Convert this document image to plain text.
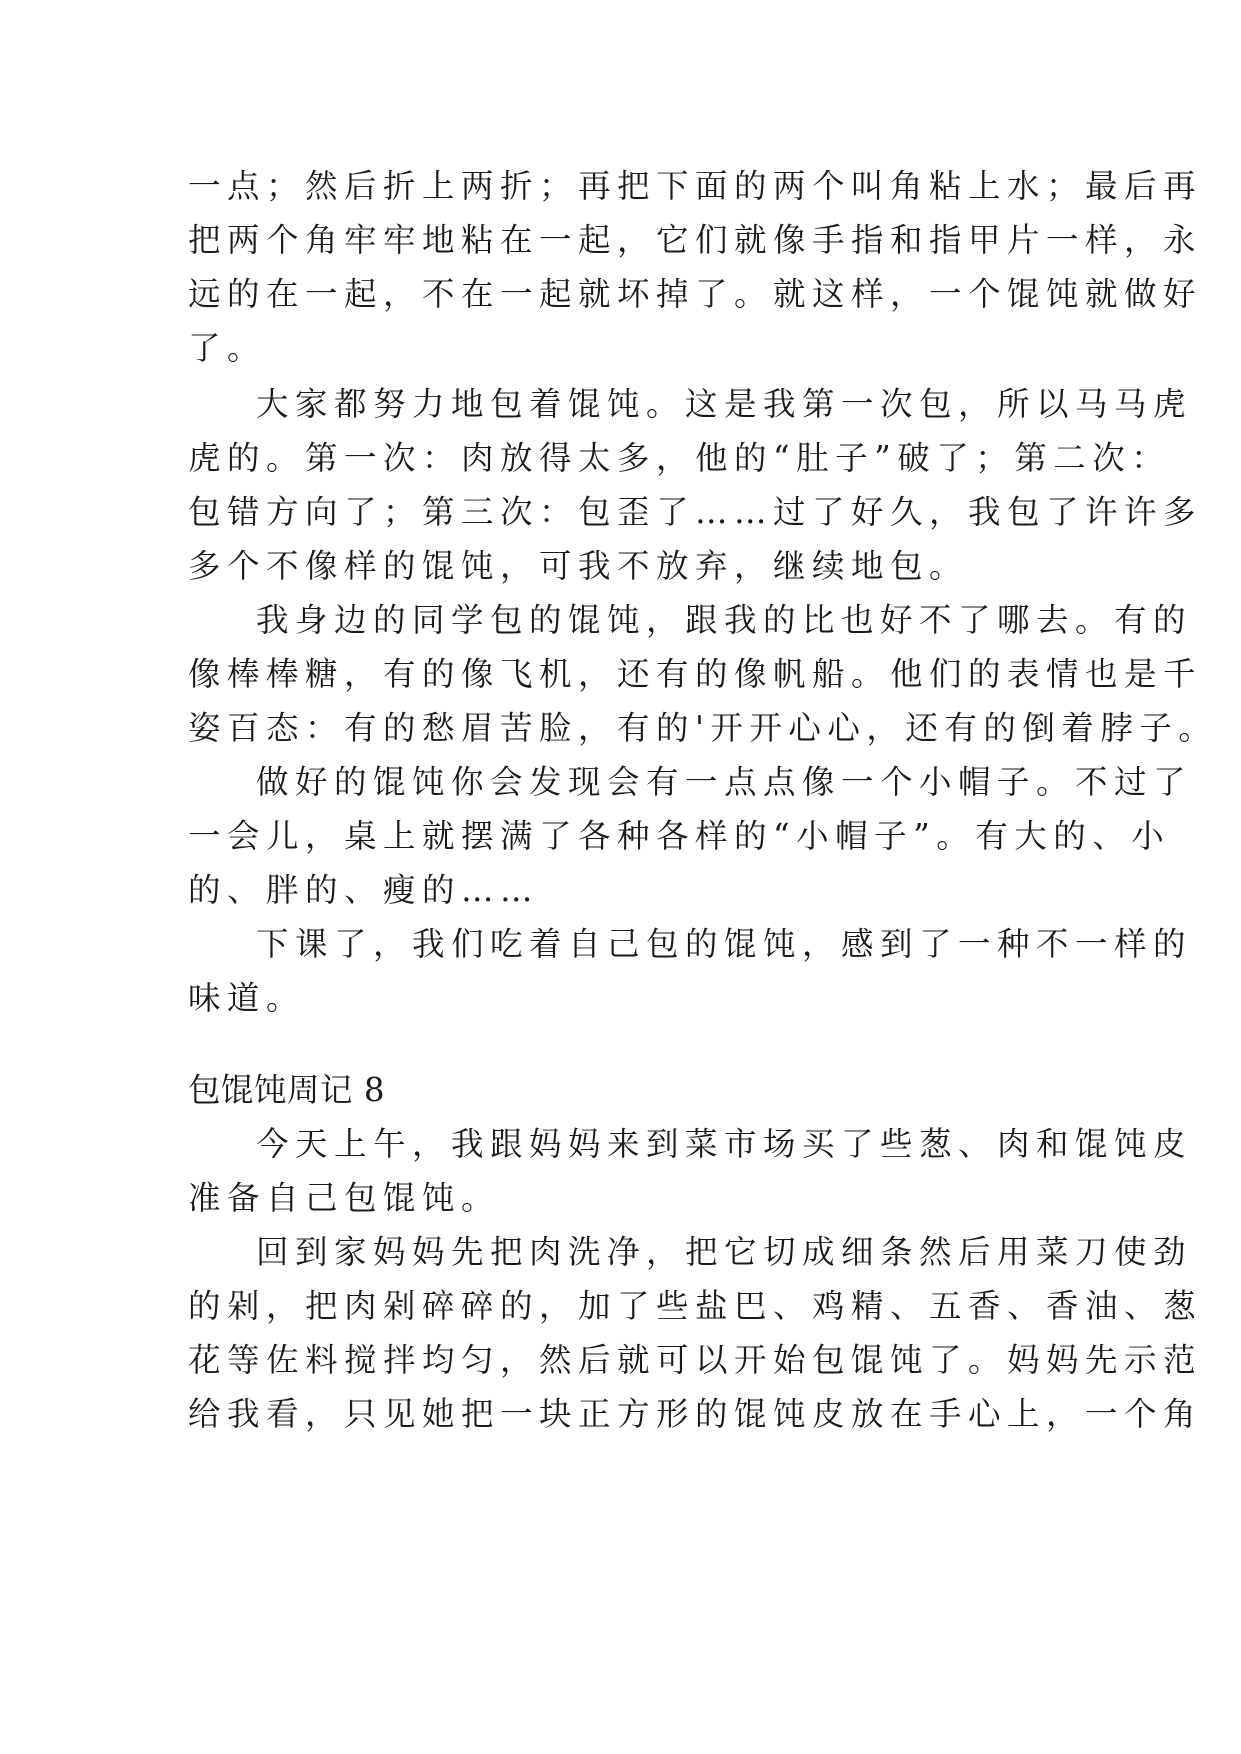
一点；然后折上两折；再把下面的两个叫角粘上水；最后再
把两个角牢牢地粘在一起，它们就像手指和指甲片一样，永
远的在一起，不在一起就坏掉了。就这样，一个馄饨就做好
了。
大家都努力地包着馄饨。这是我第一次包，所以马马虎
虎的。第一次：肉放得太多，他的“肚子”破了；第二次：
包错方向了；第三次：包歪了……过了好久，我包了许许多
多个不像样的馄饨，可我不放弃，继续地包。
我身边的同学包的馄饨，跟我的比也好不了哪去。有的
像棒棒糖，有的像飞机，还有的像帆船。他们的表情也是千
姿百态：有的愁眉苦脸，有的'开开心心，还有的倒着脖子。
做好的馄饨你会发现会有一点点像一个小帽子。不过了
一会儿，桌上就摆满了各种各样的“小帽子”。有大的、小
的、胖的、瘦的……
下课了，我们吃着自己包的馄饨，感到了一种不一样的
味道。
包馄饨周记 8
今天上午，我跟妈妈来到菜市场买了些葱、肉和馄饨皮
准备自己包馄饨。
回到家妈妈先把肉洗净，把它切成细条然后用菜刀使劲
的剁，把肉剁碎碎的，加了些盐巴、鸡精、五香、香油、葱
花等佐料搅拌均匀，然后就可以开始包馄饨了。妈妈先示范
给我看，只见她把一块正方形的馄饨皮放在手心上，一个角
